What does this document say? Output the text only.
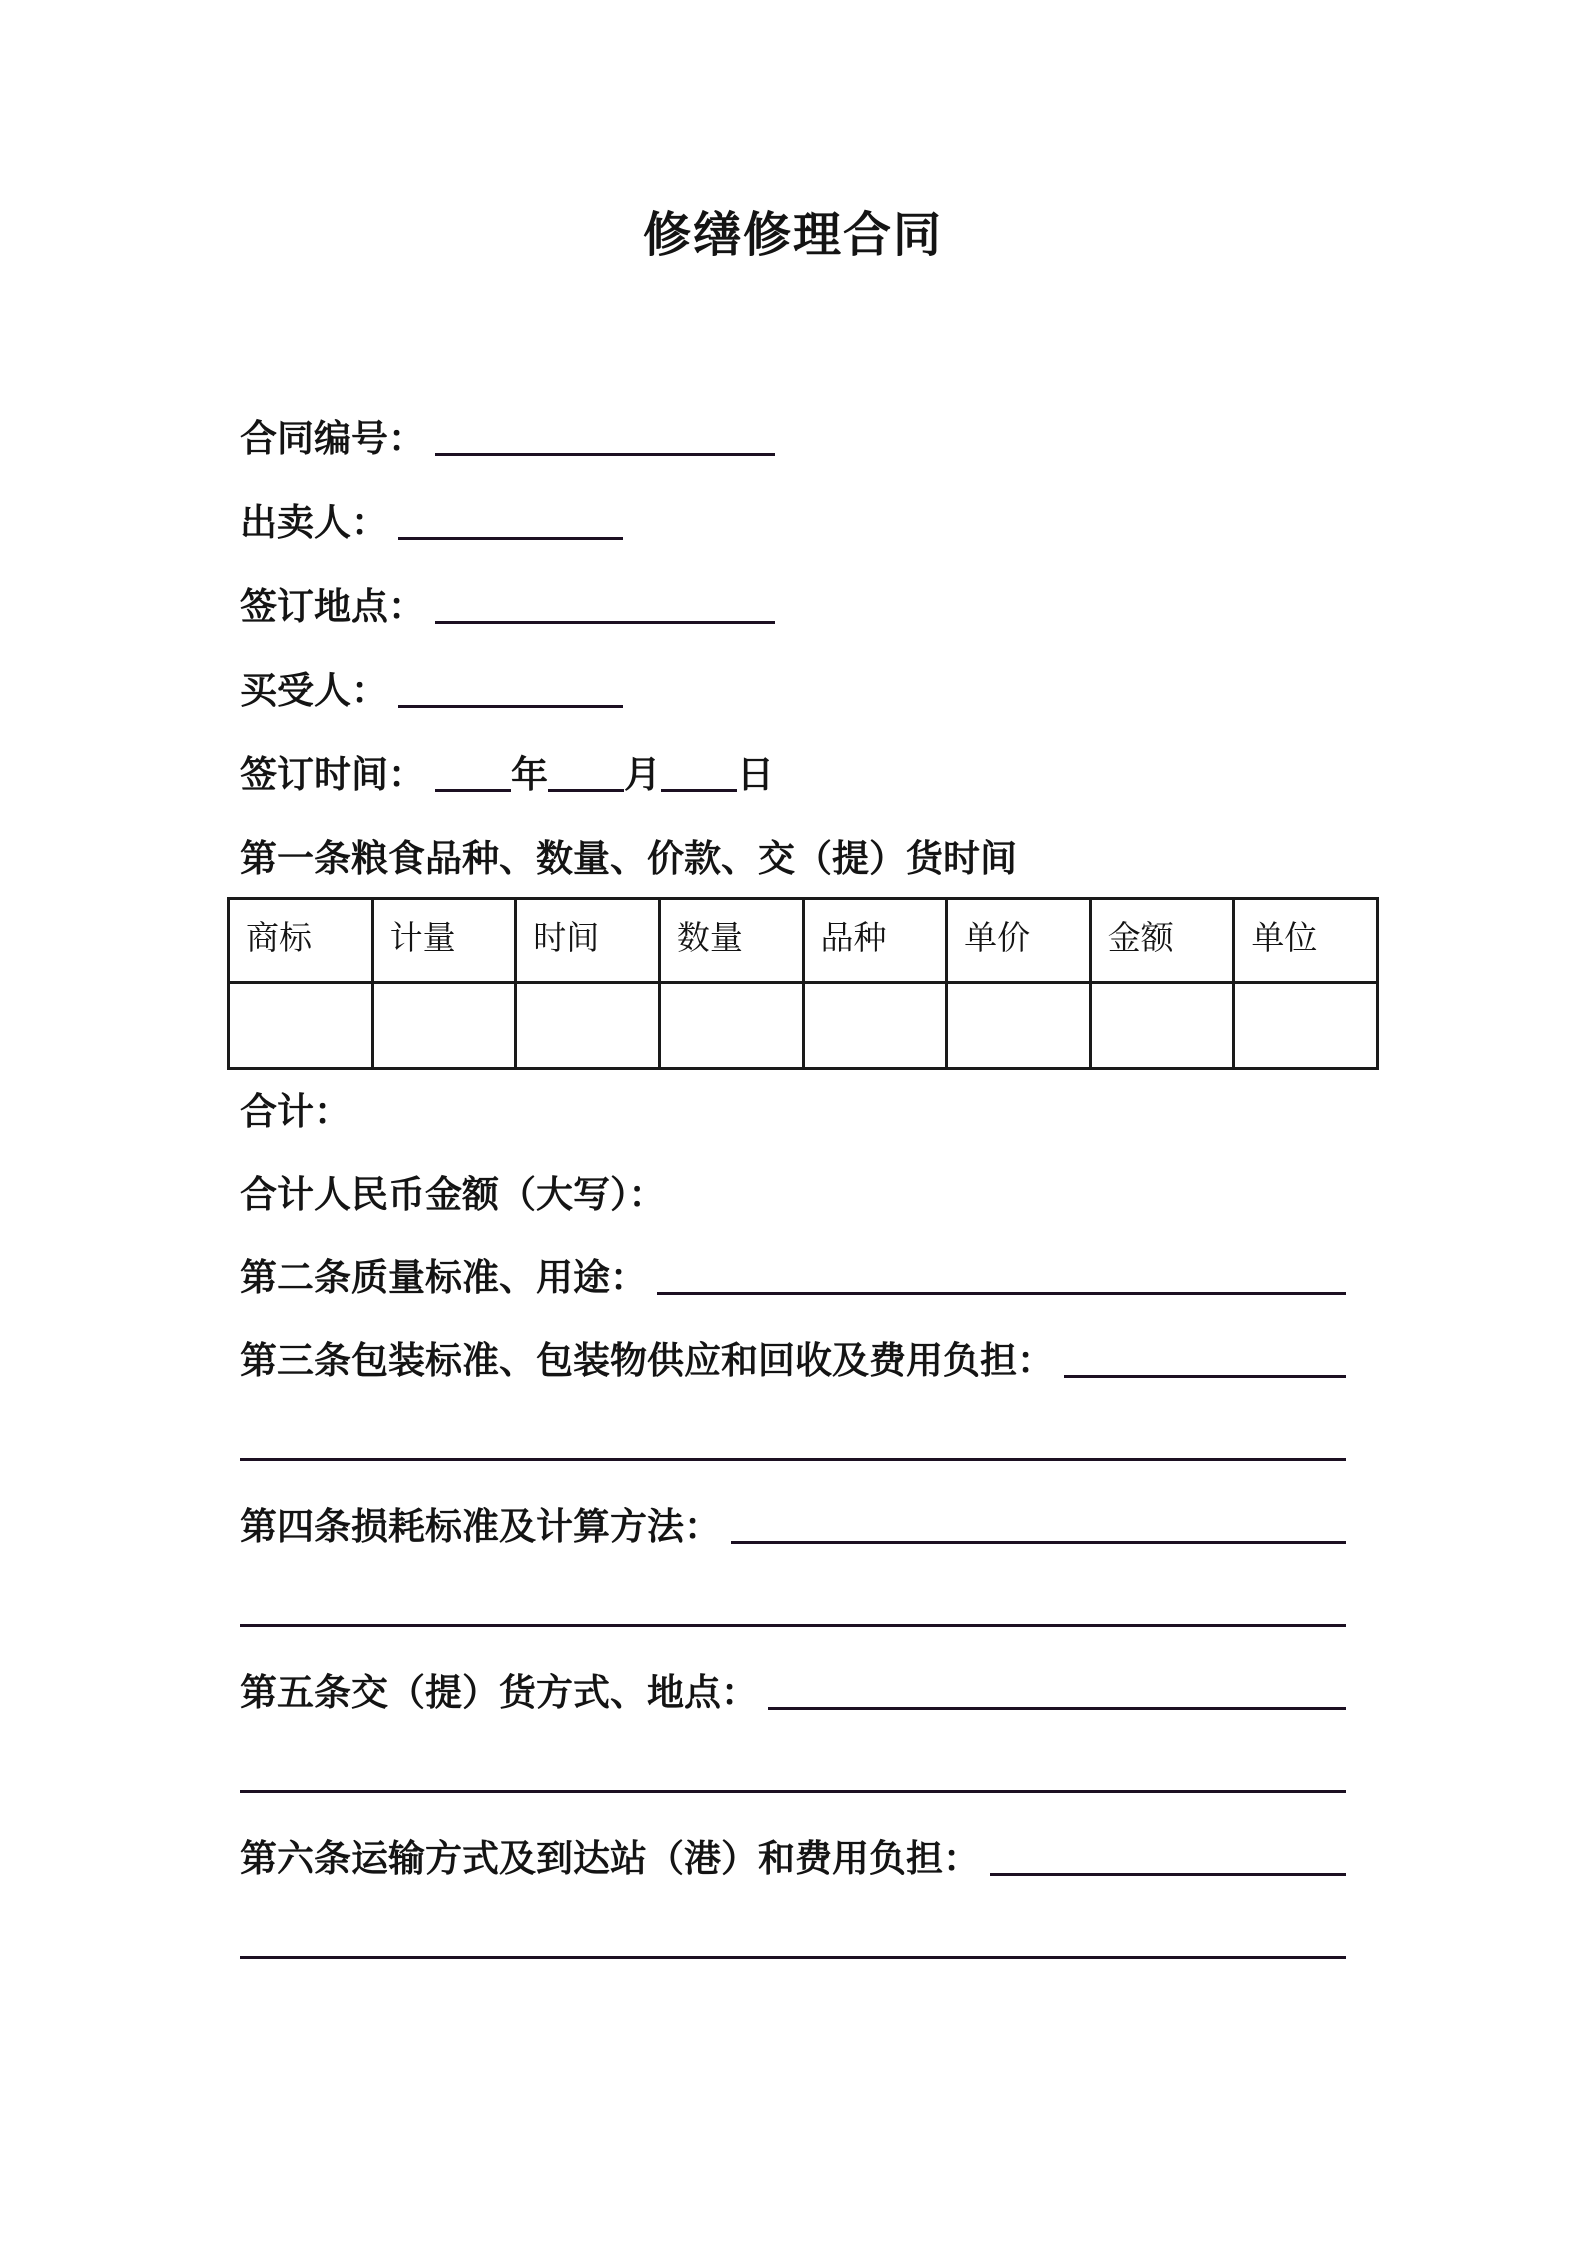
修缮修理合同
合同编号：
出卖人：
签订地点：
买受人：
签订时间： 年 月 日
第一条粮食品种、数量、价款、交（提）货时间
商标	计量	时间	数量	品种	单价	金额	单位

合计：
合计人民币金额（大写）：
第二条质量标准、用途：
第三条包装标准、包装物供应和回收及费用负担：
第四条损耗标准及计算方法：
第五条交（提）货方式、地点：
第六条运输方式及到达站（港）和费用负担：
